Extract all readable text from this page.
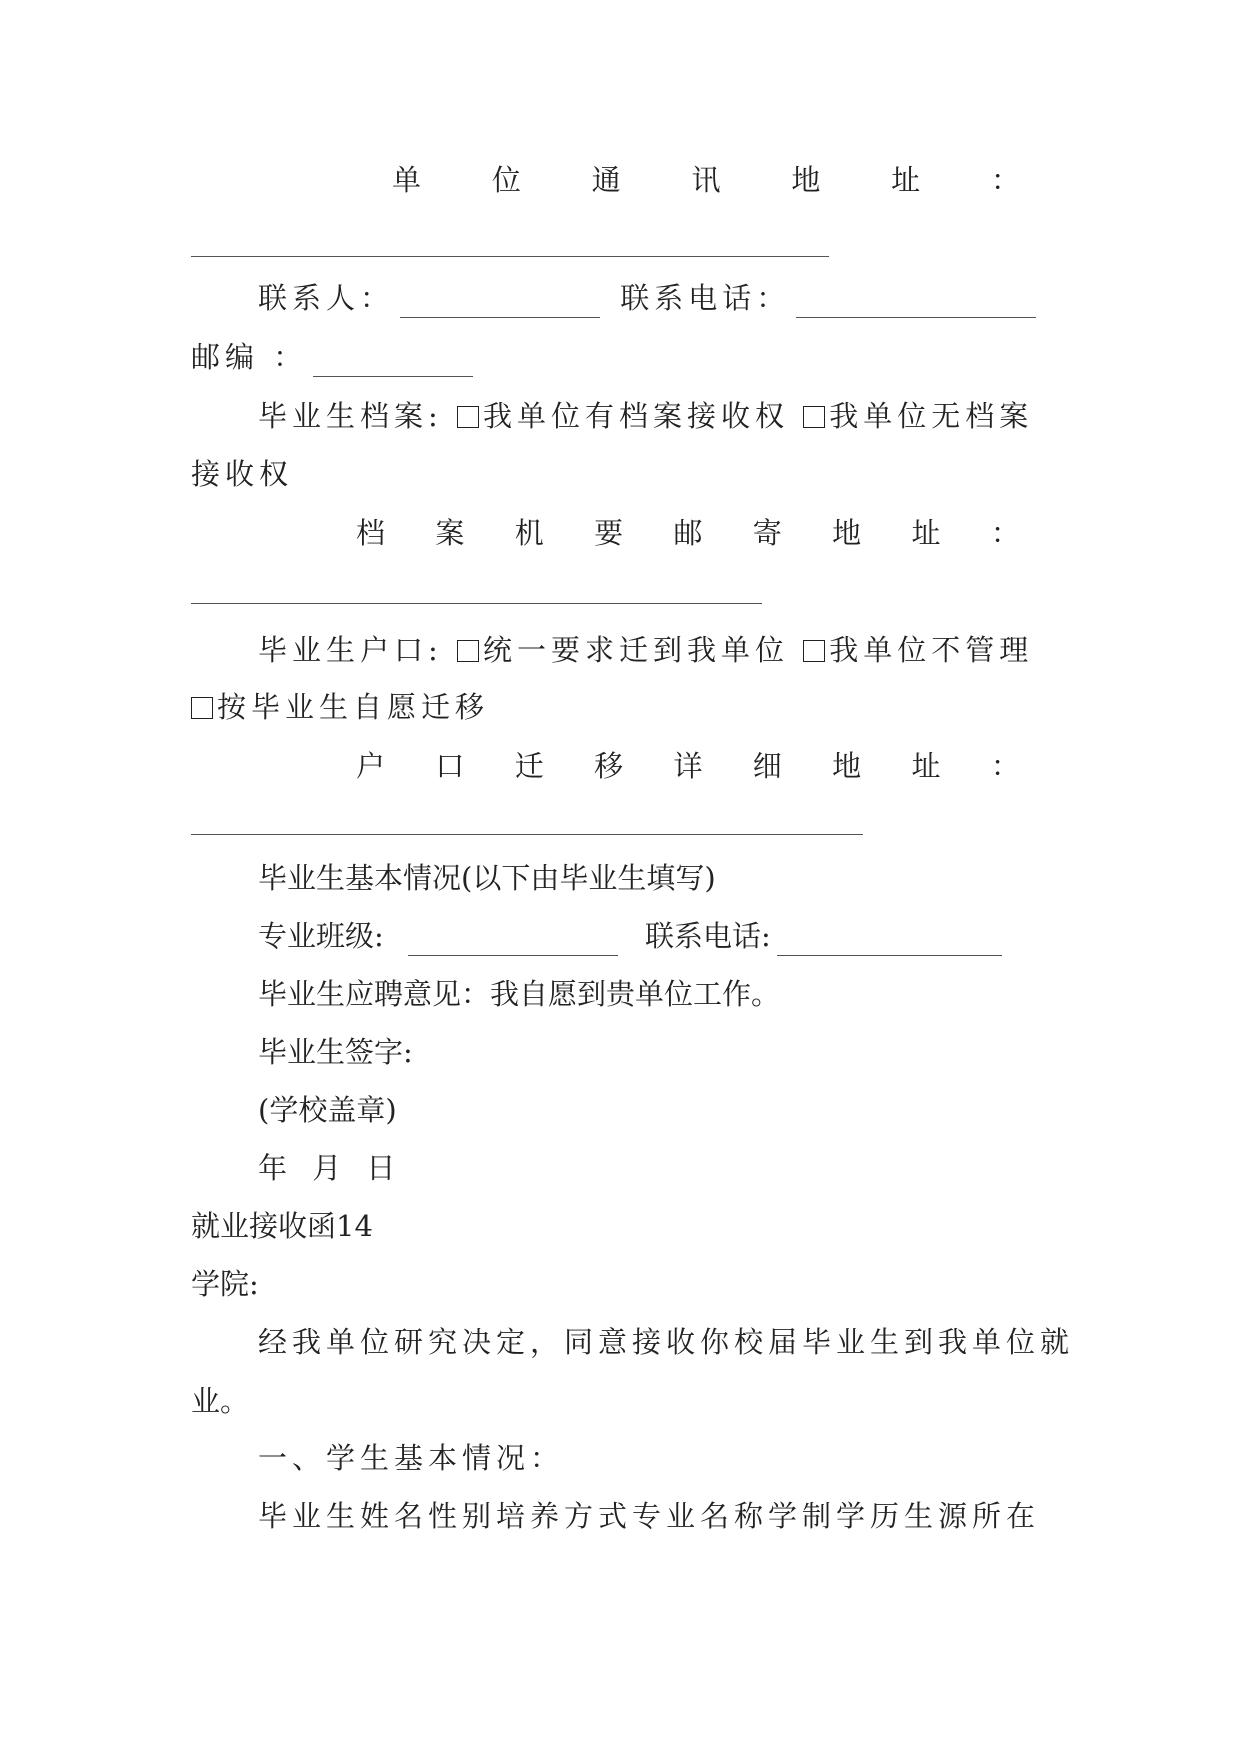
单 位 通 讯 地 址 ：
联系人：	联系电话：
邮编 ：
毕业生档案: 我单位有档案接收权 我单位无档案
接收权
档 案 机 要 邮 寄 地 址 ：
毕业生户口: 统一要求迁到我单位 我单位不管理
按毕业生自愿迁移
户 口 迁 移 详 细 地 址 ：
毕业生基本情况(以下由毕业生填写)
专业班级:	联系电话:
毕业生应聘意见：我自愿到贵单位工作。
毕业生签字:
(学校盖章)
年 月 日
就业接收函14
学院:
经我单位研究决定，同意接收你校届毕业生到我单位就
业。
一、学生基本情况：
毕业生姓名性别培养方式专业名称学制学历生源所在
